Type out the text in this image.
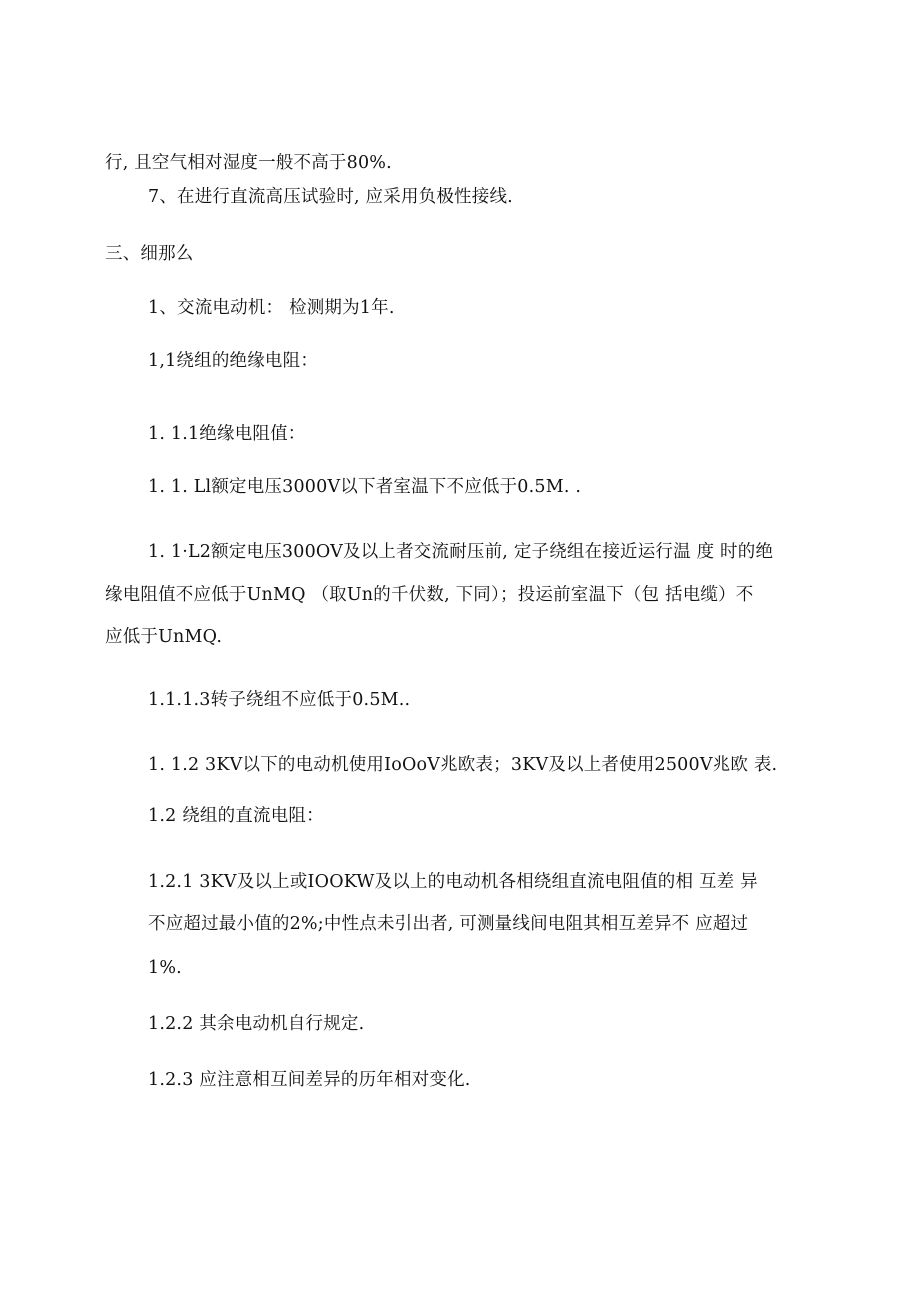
行, 且空气相对湿度一般不高于80%.
7、在进行直流高压试验时, 应采用负极性接线.
三、细那么
1、交流电动机： 检测期为1年.
1,1绕组的绝缘电阻：
1. 1.1绝缘电阻值：
1. 1. Ll额定电压3000V以下者室温下不应低于0.5M. .
1. 1·L2额定电压300OV及以上者交流耐压前, 定子绕组在接近运行温 度 时的绝
缘电阻值不应低于UnMQ （取Un的千伏数, 下同）；投运前室温下（包 括电缆）不
应低于UnMQ.
1.1.1.3转子绕组不应低于0.5M..
1. 1.2 3KV以下的电动机使用IoOoV兆欧表；3KV及以上者使用2500V兆欧 表.
1.2 绕组的直流电阻：
1.2.1 3KV及以上或IOOKW及以上的电动机各相绕组直流电阻值的相 互差 异
不应超过最小值的2%;中性点未引出者, 可测量线间电阻其相互差异不 应超过
1%.
1.2.2 其余电动机自行规定.
1.2.3 应注意相互间差异的历年相对变化.
